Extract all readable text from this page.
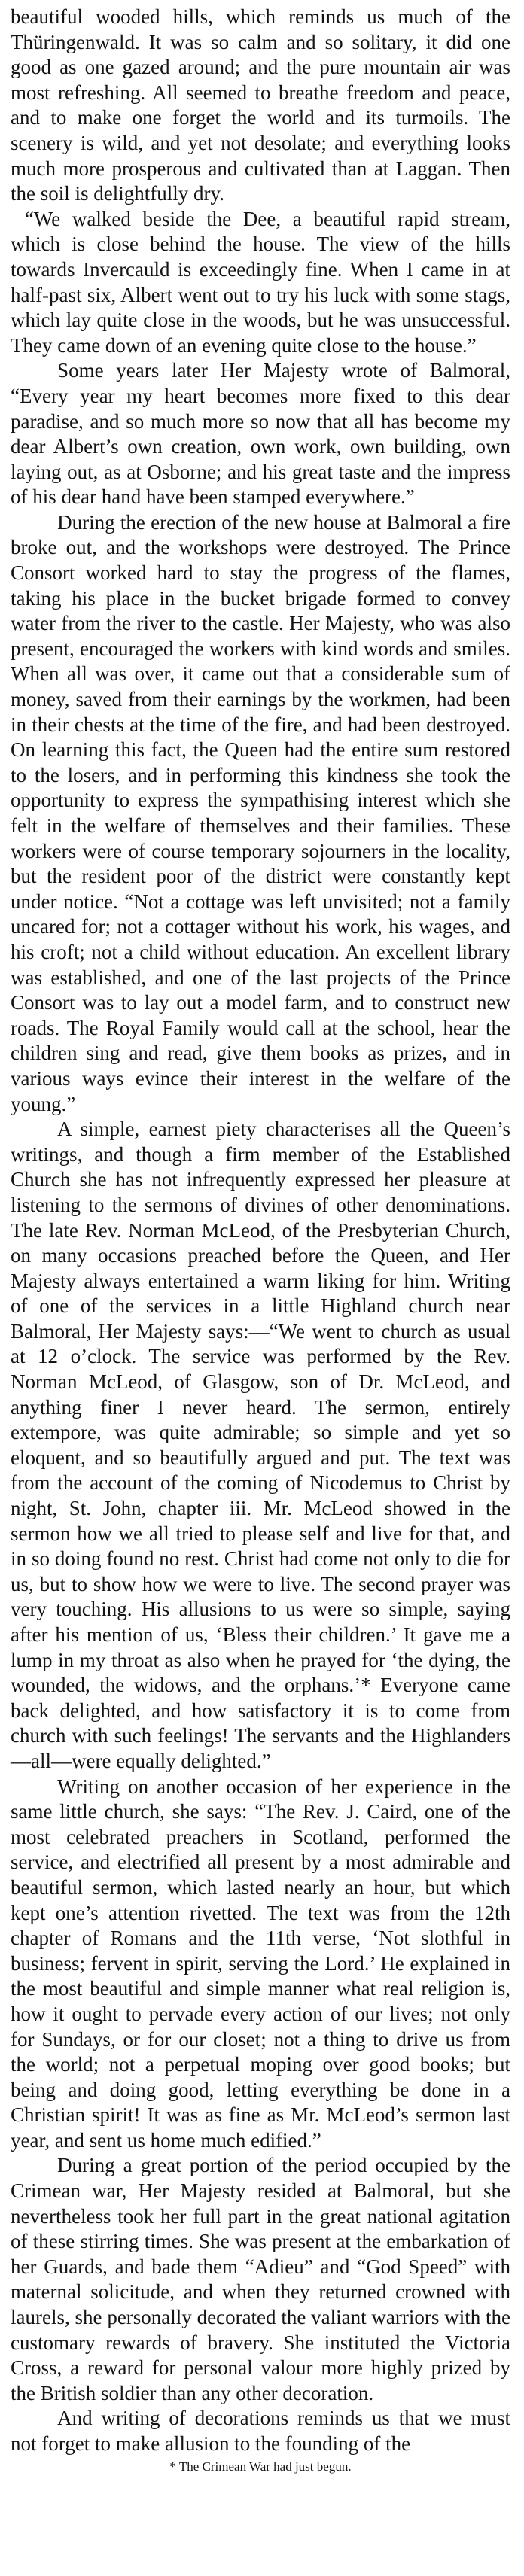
beautiful wooded hills, which reminds us much of the Thüringenwald. It was so calm and so solitary, it did one good as one gazed around; and the pure mountain air was most refreshing. All seemed to breathe freedom and peace, and to make one forget the world and its turmoils. The scenery is wild, and yet not desolate; and everything looks much more prosperous and cultivated than at Laggan. Then the soil is delightfully dry.

“We walked beside the Dee, a beautiful rapid stream, which is close behind the house. The view of the hills towards Invercauld is exceedingly fine. When I came in at half-past six, Albert went out to try his luck with some stags, which lay quite close in the woods, but he was unsuccessful. They came down of an evening quite close to the house.”

Some years later Her Majesty wrote of Balmoral, “Every year my heart becomes more fixed to this dear paradise, and so much more so now that all has become my dear Albert’s own creation, own work, own building, own laying out, as at Osborne; and his great taste and the impress of his dear hand have been stamped everywhere.”

During the erection of the new house at Balmoral a fire broke out, and the workshops were destroyed. The Prince Consort worked hard to stay the progress of the flames, taking his place in the bucket brigade formed to convey water from the river to the castle. Her Majesty, who was also present, encouraged the workers with kind words and smiles. When all was over, it came out that a considerable sum of money, saved from their earnings by the workmen, had been in their chests at the time of the fire, and had been destroyed. On learning this fact, the Queen had the entire sum restored to the losers, and in performing this kindness she took the opportunity to express the sympathising interest which she felt in the welfare of themselves and their families. These workers were of course temporary sojourners in the locality, but the resident poor of the district were constantly kept under notice. “Not a cottage was left unvisited; not a family uncared for; not a cottager without his work, his wages, and his croft; not a child without education. An excellent library was established, and one of the last projects of the Prince Consort was to lay out a model farm, and to construct new roads. The Royal Family would call at the school, hear the children sing and read, give them books as prizes, and in various ways evince their interest in the welfare of the young.”

A simple, earnest piety characterises all the Queen’s writings, and though a firm member of the Established Church she has not infrequently expressed her pleasure at listening to the sermons of divines of other denominations. The late Rev. Norman McLeod, of the Presbyterian Church, on many occasions preached before the Queen, and Her Majesty always entertained a warm liking for him. Writing of one of the services in a little Highland church near Balmoral, Her Majesty says:—“We went to church as usual at 12 o’clock. The service was performed by the Rev. Norman McLeod, of Glasgow, son of Dr. McLeod, and anything finer I never heard. The sermon, entirely extempore, was quite admirable; so simple and yet so eloquent, and so beautifully argued and put. The text was from the account of the coming of Nicodemus to Christ by night, St. John, chapter iii. Mr. McLeod showed in the sermon how we all tried to please self and live for that, and in so doing found no rest. Christ had come not only to die for us, but to show how we were to live. The second prayer was very touching. His allusions to us were so simple, saying after his mention of us, ‘Bless their children.’ It gave me a lump in my throat as also when he prayed for ‘the dying, the wounded, the widows, and the orphans.’* Everyone came back delighted, and how satisfactory it is to come from church with such feelings! The servants and the Highlanders—all—were equally delighted.”

Writing on another occasion of her experience in the same little church, she says: “The Rev. J. Caird, one of the most celebrated preachers in Scotland, performed the service, and electrified all present by a most admirable and beautiful sermon, which lasted nearly an hour, but which kept one’s attention rivetted. The text was from the 12th chapter of Romans and the 11th verse, ‘Not slothful in business; fervent in spirit, serving the Lord.’ He explained in the most beautiful and simple manner what real religion is, how it ought to pervade every action of our lives; not only for Sundays, or for our closet; not a thing to drive us from the world; not a perpetual moping over good books; but being and doing good, letting everything be done in a Christian spirit! It was as fine as Mr. McLeod’s sermon last year, and sent us home much edified.”

During a great portion of the period occupied by the Crimean war, Her Majesty resided at Balmoral, but she nevertheless took her full part in the great national agitation of these stirring times. She was present at the embarkation of her Guards, and bade them “Adieu” and “God Speed” with maternal solicitude, and when they returned crowned with laurels, she personally decorated the valiant warriors with the customary rewards of bravery. She instituted the Victoria Cross, a reward for personal valour more highly prized by the British soldier than any other decoration.

And writing of decorations reminds us that we must not forget to make allusion to the founding of the

* The Crimean War had just begun.
